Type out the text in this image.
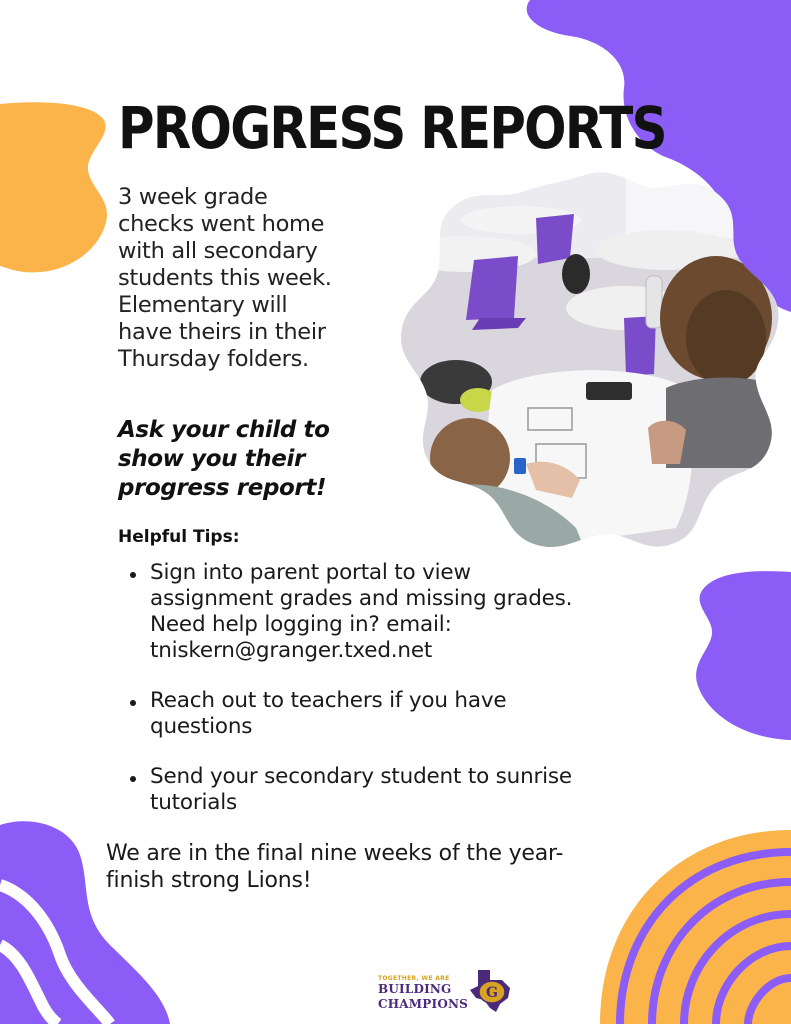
PROGRESS REPORTS
3 week grade
checks went home
with all secondary
students this week.
Elementary will
have theirs in their
Thursday folders.
Ask your child to
show you their
progress report!
Helpful Tips:
Sign into parent portal to view
assignment grades and missing grades.
Need help logging in? email:
tniskern@granger.txed.net
Reach out to teachers if you have
questions
Send your secondary student to sunrise
tutorials
We are in the final nine weeks of the year-
finish strong Lions!
TOGETHER, WE ARE
BUILDING
CHAMPIONS
G
